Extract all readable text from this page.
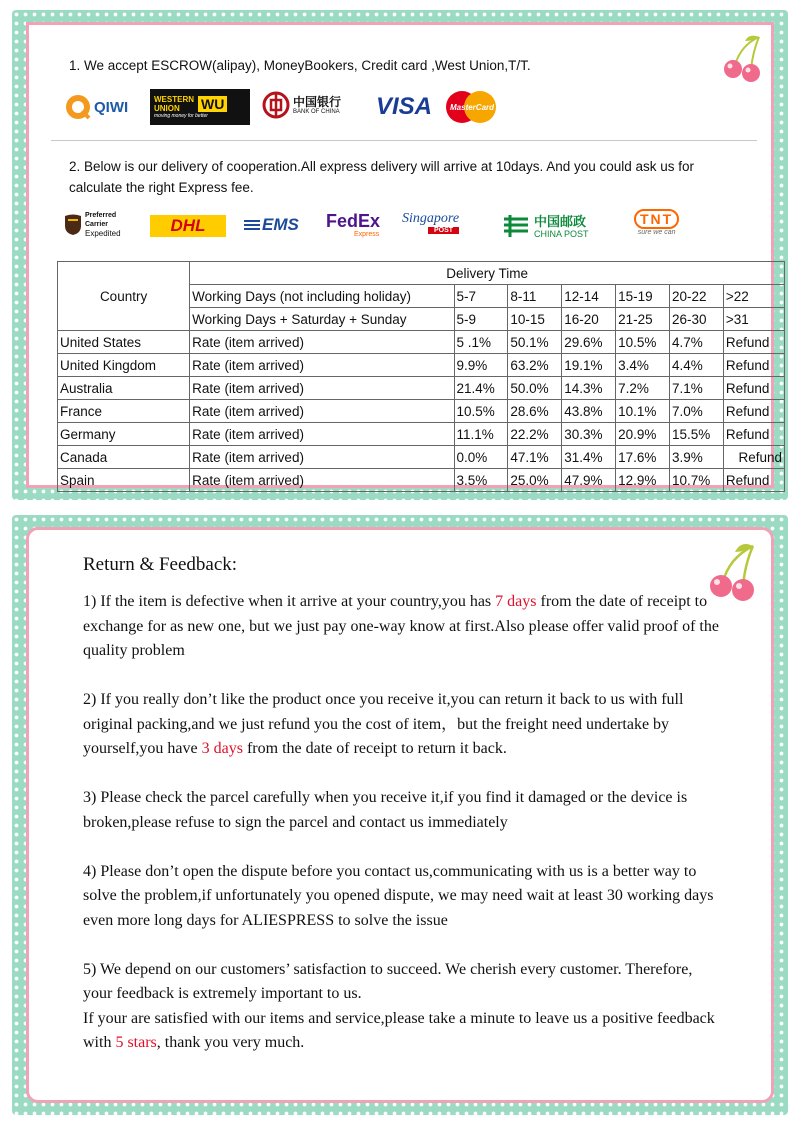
1. We accept ESCROW(alipay), MoneyBookers, Credit card ,West Union,T/T.
QIWI	WESTERN
UNION	WU
moving money for better
中国银行
BANK OF CHINA VISA MasterCard
2. Below is our delivery of cooperation.All express delivery will arrive at 10days. And you could ask us for calculate the right Express fee.
Preferred
Carrier
Expedited	DHL	EMS FedEx
Express
Singapore
POST
中国邮政
CHINA POST
TNT
sure we can
Country	Delivery Time						
	Working Days (not including holiday)	5-7	8-11	12-14	15-19	20-22	>22
	Working Days + Saturday + Sunday	5-9	10-15	16-20	21-25	26-30	>31
United States	Rate (item arrived)	5 .1%	50.1%	29.6%	10.5%	4.7%	Refund
United Kingdom	Rate (item arrived)	9.9%	63.2%	19.1%	3.4%	4.4%	Refund
Australia	Rate (item arrived)	21.4%	50.0%	14.3%	7.2%	7.1%	Refund
France	Rate (item arrived)	10.5%	28.6%	43.8%	10.1%	7.0%	Refund
Germany	Rate (item arrived)	11.1%	22.2%	30.3%	20.9%	15.5%	Refund
Canada	Rate (item arrived)	0.0%	47.1%	31.4%	17.6%	3.9%	Refund
Spain	Rate (item arrived)	3.5%	25.0%	47.9%	12.9%	10.7%	Refund
Return & Feedback:

1) If the item is defective when it arrive at your country,you has 7 days from the date of receipt to exchange for as new one, but we just pay one-way know at first.Also please offer valid proof of the quality problem

2) If you really don’t like the product once you receive it,you can return it back to us with full original packing,and we just refund you the cost of item，but the freight need undertake by yourself,you have 3 days from the date of receipt to return it back.

3) Please check the parcel carefully when you receive it,if you find it damaged or the device is broken,please refuse to sign the parcel and contact us immediately

4) Please don’t open the dispute before you contact us,communicating with us is a better way to solve the problem,if unfortunately you opened dispute, we may need wait at least 30 working days even more long days for ALIESPRESS to solve the issue

5) We depend on our customers’ satisfaction to succeed. We cherish every customer. Therefore, your feedback is extremely important to us.
If your are satisfied with our items and service,please take a minute to leave us a positive feedback with 5 stars, thank you very much.
